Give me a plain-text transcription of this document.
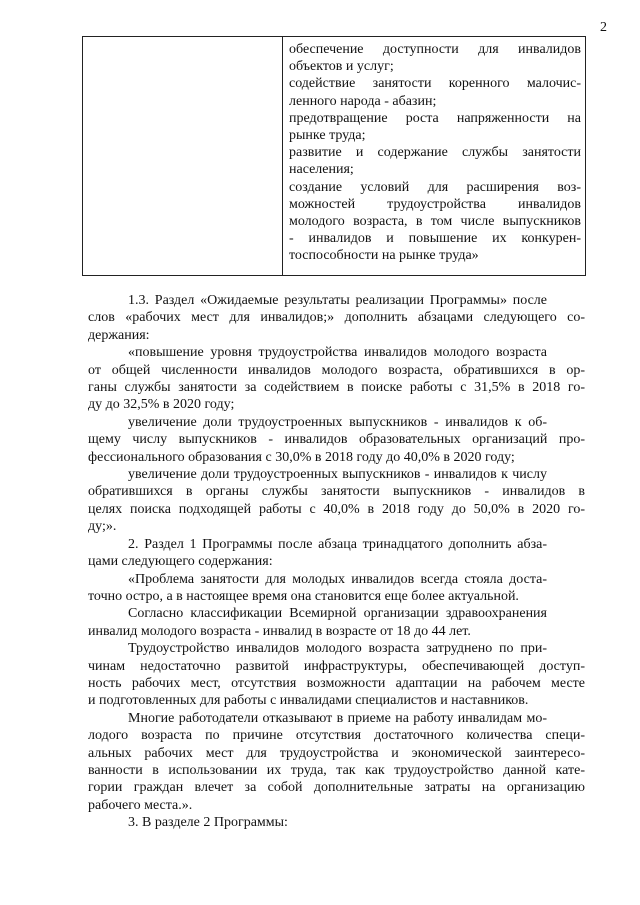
2
обеспечение доступности для инвалидов
объектов и услуг;
содействие занятости коренного малочис-
ленного народа - абазин;
предотвращение роста напряженности на
рынке труда;
развитие и содержание службы занятости
населения;
создание условий для расширения воз-
можностей трудоустройства инвалидов
молодого возраста, в том числе выпускников
- инвалидов и повышение их конкурен-
тоспособности на рынке труда»
1.3. Раздел «Ожидаемые результаты реализации Программы» после
слов «рабочих мест для инвалидов;» дополнить абзацами следующего со-
держания:
«повышение уровня трудоустройства инвалидов молодого возраста
от общей численности инвалидов молодого возраста, обратившихся в ор-
ганы службы занятости за содействием в поиске работы с 31,5% в 2018 го-
ду до 32,5% в 2020 году;
увеличение доли трудоустроенных выпускников - инвалидов к об-
щему числу выпускников - инвалидов образовательных организаций про-
фессионального образования с 30,0% в 2018 году до 40,0% в 2020 году;
увеличение доли трудоустроенных выпускников - инвалидов к числу
обратившихся в органы службы занятости выпускников - инвалидов в
целях поиска подходящей работы с 40,0% в 2018 году до 50,0% в 2020 го-
ду;».
2. Раздел 1 Программы после абзаца тринадцатого дополнить абза-
цами следующего содержания:
«Проблема занятости для молодых инвалидов всегда стояла доста-
точно остро, а в настоящее время она становится еще более актуальной.
Согласно классификации Всемирной организации здравоохранения
инвалид молодого возраста - инвалид в возрасте от 18 до 44 лет.
Трудоустройство инвалидов молодого возраста затруднено по при-
чинам недостаточно развитой инфраструктуры, обеспечивающей доступ-
ность рабочих мест, отсутствия возможности адаптации на рабочем месте
и подготовленных для работы с инвалидами специалистов и наставников.
Многие работодатели отказывают в приеме на работу инвалидам мо-
лодого возраста по причине отсутствия достаточного количества специ-
альных рабочих мест для трудоустройства и экономической заинтересо-
ванности в использовании их труда, так как трудоустройство данной кате-
гории граждан влечет за собой дополнительные затраты на организацию
рабочего места.».
3. В разделе 2 Программы:
